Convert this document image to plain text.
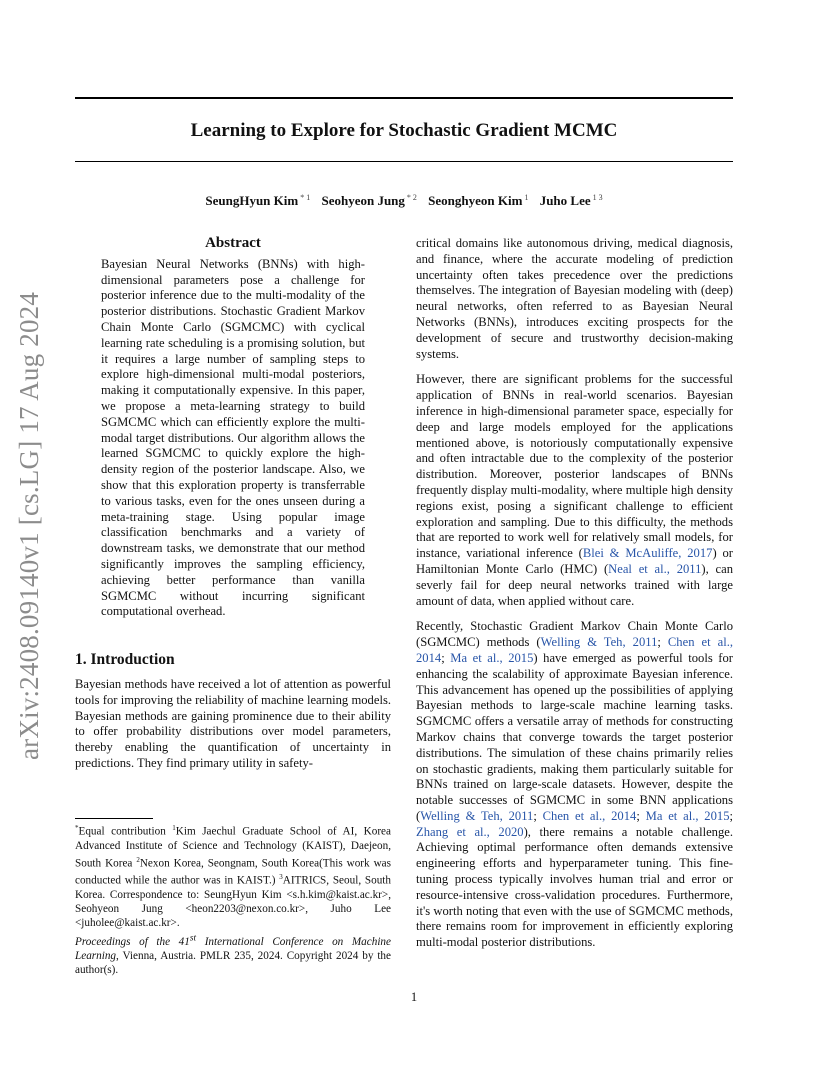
arXiv:2408.09140v1 [cs.LG] 17 Aug 2024
Learning to Explore for Stochastic Gradient MCMC
SeungHyun Kim $^{* 1}$ Seohyeon Jung $^{* 2}$ Seonghyeon Kim $^1$ Juho Lee $^{1 3}$
Abstract
Bayesian Neural Networks (BNNs) with high-dimensional parameters pose a challenge for posterior inference due to the multi-modality of the posterior distributions. Stochastic Gradient Markov Chain Monte Carlo (SGMCMC) with cyclical learning rate scheduling is a promising solution, but it requires a large number of sampling steps to explore high-dimensional multi-modal posteriors, making it computationally expensive. In this paper, we propose a meta-learning strategy to build SGMCMC which can efficiently explore the multi-modal target distributions. Our algorithm allows the learned SGMCMC to quickly explore the high-density region of the posterior landscape. Also, we show that this exploration property is transferrable to various tasks, even for the ones unseen during a meta-training stage. Using popular image classification benchmarks and a variety of downstream tasks, we demonstrate that our method significantly improves the sampling efficiency, achieving better performance than vanilla SGMCMC without incurring significant computational overhead.
1. Introduction

Bayesian methods have received a lot of attention as powerful tools for improving the reliability of machine learning models. Bayesian methods are gaining prominence due to their ability to offer probability distributions over model parameters, thereby enabling the quantification of uncertainty in predictions. They find primary utility in safety-

critical domains like autonomous driving, medical diagnosis, and finance, where the accurate modeling of prediction uncertainty often takes precedence over the predictions themselves. The integration of Bayesian modeling with (deep) neural networks, often referred to as Bayesian Neural Networks (BNNs), introduces exciting prospects for the development of secure and trustworthy decision-making systems.

However, there are significant problems for the successful application of BNNs in real-world scenarios. Bayesian inference in high-dimensional parameter space, especially for deep and large models employed for the applications mentioned above, is notoriously computationally expensive and often intractable due to the complexity of the posterior distribution. Moreover, posterior landscapes of BNNs frequently display multi-modality, where multiple high density regions exist, posing a significant challenge to efficient exploration and sampling. Due to this difficulty, the methods that are reported to work well for relatively small models, for instance, variational inference (Blei & McAuliffe, 2017) or Hamiltonian Monte Carlo (HMC) (Neal et al., 2011), can severly fail for deep neural networks trained with large amount of data, when applied without care.

Recently, Stochastic Gradient Markov Chain Monte Carlo (SGMCMC) methods (Welling & Teh, 2011; Chen et al., 2014; Ma et al., 2015) have emerged as powerful tools for enhancing the scalability of approximate Bayesian inference. This advancement has opened up the possibilities of applying Bayesian methods to large-scale machine learning tasks. SGMCMC offers a versatile array of methods for constructing Markov chains that converge towards the target posterior distributions. The simulation of these chains primarily relies on stochastic gradients, making them particularly suitable for BNNs trained on large-scale datasets. However, despite the notable successes of SGMCMC in some BNN applications (Welling & Teh, 2011; Chen et al., 2014; Ma et al., 2015; Zhang et al., 2020), there remains a notable challenge. Achieving optimal performance often demands extensive engineering efforts and hyperparameter tuning. This fine-tuning process typically involves human trial and error or resource-intensive cross-validation procedures. Furthermore, it's worth noting that even with the use of SGMCMC methods, there remains room for improvement in efficiently exploring multi-modal posterior distributions.

*Equal contribution $^1$Kim Jaechul Graduate School of AI, Korea Advanced Institute of Science and Technology (KAIST), Daejeon, South Korea $^2$Nexon Korea, Seongnam, South Korea(This work was conducted while the author was in KAIST.) $^3$AITRICS, Seoul, South Korea. Correspondence to: SeungHyun Kim <s.h.kim@kaist.ac.kr>, Seohyeon Jung <heon2203@nexon.co.kr>, Juho Lee <juholee@kaist.ac.kr>.
Proceedings of the 41st International Conference on Machine Learning, Vienna, Austria. PMLR 235, 2024. Copyright 2024 by the author(s).
1
